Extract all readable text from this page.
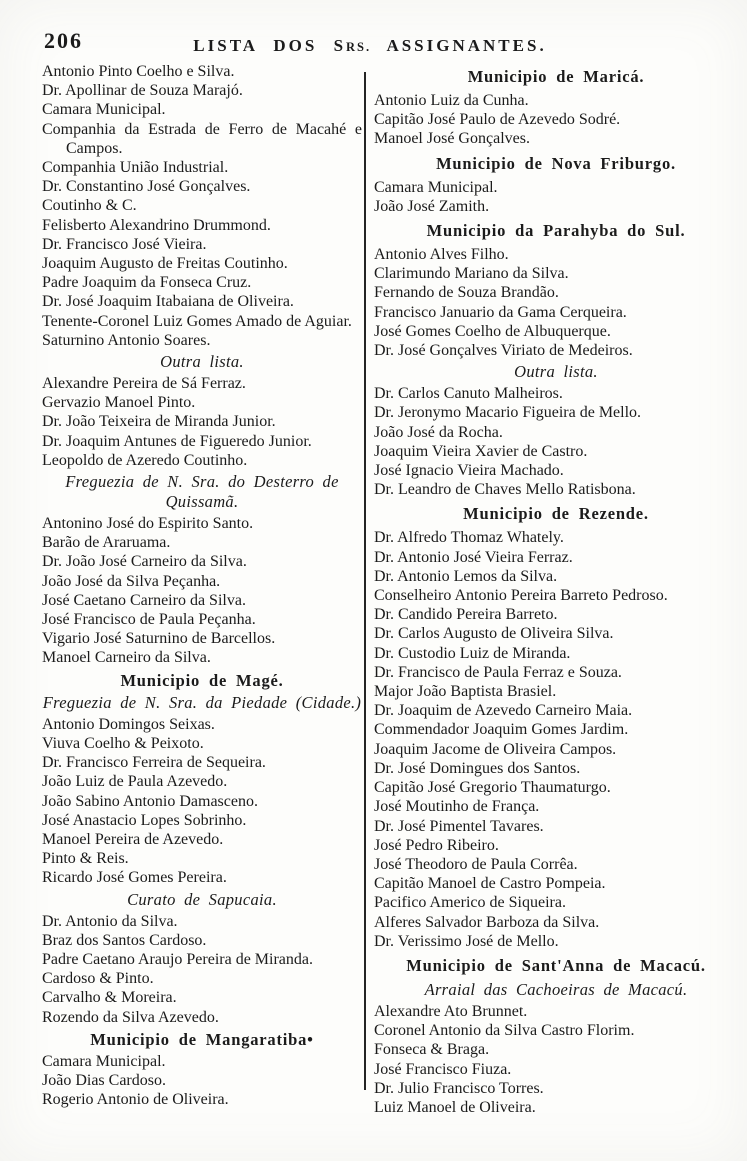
206	LISTA DOS SRS. ASSIGNANTES.
Antonio Pinto Coelho e Silva.
Dr. Apollinar de Souza Marajó.
Camara Municipal.
Companhia da Estrada de Ferro de Macahé e Campos.
Companhia União Industrial.
Dr. Constantino José Gonçalves.
Coutinho & C.
Felisberto Alexandrino Drummond.
Dr. Francisco José Vieira.
Joaquim Augusto de Freitas Coutinho.
Padre Joaquim da Fonseca Cruz.
Dr. José Joaquim Itabaiana de Oliveira.
Tenente-Coronel Luiz Gomes Amado de Aguiar.
Saturnino Antonio Soares.
Outra lista.
Alexandre Pereira de Sá Ferraz.
Gervazio Manoel Pinto.
Dr. João Teixeira de Miranda Junior.
Dr. Joaquim Antunes de Figueredo Junior.
Leopoldo de Azeredo Coutinho.
Freguezia de N. Sra. do Desterro de Quissamã.
Antonino José do Espirito Santo.
Barão de Araruama.
Dr. João José Carneiro da Silva.
João José da Silva Peçanha.
José Caetano Carneiro da Silva.
José Francisco de Paula Peçanha.
Vigario José Saturnino de Barcellos.
Manoel Carneiro da Silva.
Municipio de Magé.
Freguezia de N. Sra. da Piedade (Cidade.)
Antonio Domingos Seixas.
Viuva Coelho & Peixoto.
Dr. Francisco Ferreira de Sequeira.
João Luiz de Paula Azevedo.
João Sabino Antonio Damasceno.
José Anastacio Lopes Sobrinho.
Manoel Pereira de Azevedo.
Pinto & Reis.
Ricardo José Gomes Pereira.
Curato de Sapucaia.
Dr. Antonio da Silva.
Braz dos Santos Cardoso.
Padre Caetano Araujo Pereira de Miranda.
Cardoso & Pinto.
Carvalho & Moreira.
Rozendo da Silva Azevedo.
Municipio de Mangaratiba•
Camara Municipal.
João Dias Cardoso.
Rogerio Antonio de Oliveira.
Municipio de Maricá.
Antonio Luiz da Cunha.
Capitão José Paulo de Azevedo Sodré.
Manoel José Gonçalves.
Municipio de Nova Friburgo.
Camara Municipal.
João José Zamith.
Municipio da Parahyba do Sul.
Antonio Alves Filho.
Clarimundo Mariano da Silva.
Fernando de Souza Brandão.
Francisco Januario da Gama Cerqueira.
José Gomes Coelho de Albuquerque.
Dr. José Gonçalves Viriato de Medeiros.
Outra lista.
Dr. Carlos Canuto Malheiros.
Dr. Jeronymo Macario Figueira de Mello.
João José da Rocha.
Joaquim Vieira Xavier de Castro.
José Ignacio Vieira Machado.
Dr. Leandro de Chaves Mello Ratisbona.
Municipio de Rezende.
Dr. Alfredo Thomaz Whately.
Dr. Antonio José Vieira Ferraz.
Dr. Antonio Lemos da Silva.
Conselheiro Antonio Pereira Barreto Pedroso.
Dr. Candido Pereira Barreto.
Dr. Carlos Augusto de Oliveira Silva.
Dr. Custodio Luiz de Miranda.
Dr. Francisco de Paula Ferraz e Souza.
Major João Baptista Brasiel.
Dr. Joaquim de Azevedo Carneiro Maia.
Commendador Joaquim Gomes Jardim.
Joaquim Jacome de Oliveira Campos.
Dr. José Domingues dos Santos.
Capitão José Gregorio Thaumaturgo.
José Moutinho de França.
Dr. José Pimentel Tavares.
José Pedro Ribeiro.
José Theodoro de Paula Corrêa.
Capitão Manoel de Castro Pompeia.
Pacifico Americo de Siqueira.
Alferes Salvador Barboza da Silva.
Dr. Verissimo José de Mello.
Municipio de Sant'Anna de Macacú.
Arraial das Cachoeiras de Macacú.
Alexandre Ato Brunnet.
Coronel Antonio da Silva Castro Florim.
Fonseca & Braga.
José Francisco Fiuza.
Dr. Julio Francisco Torres.
Luiz Manoel de Oliveira.
